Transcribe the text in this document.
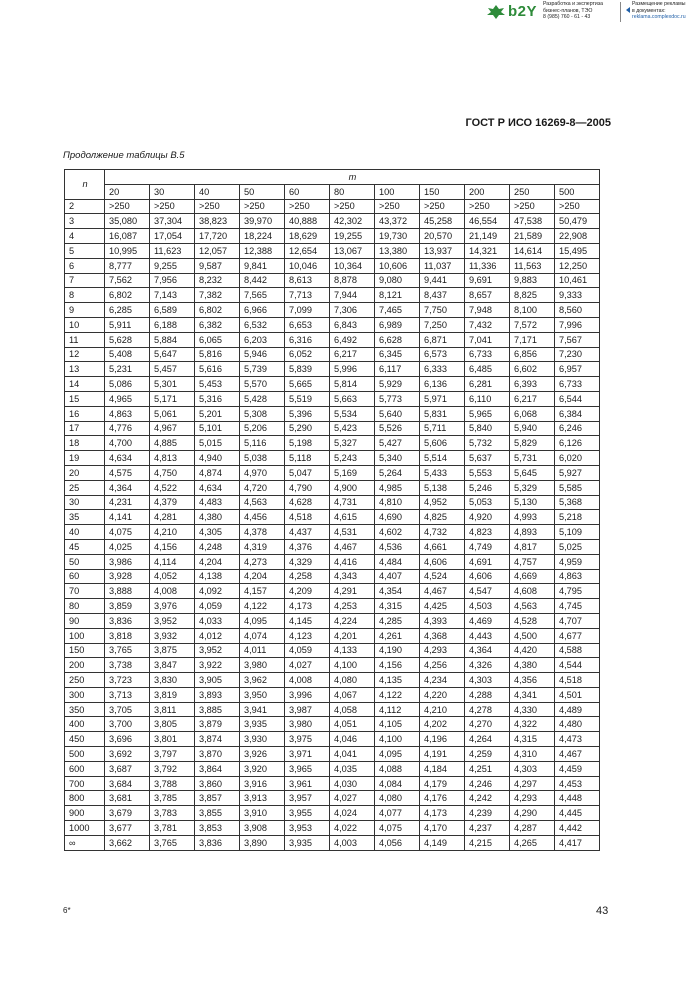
b2Y Разработка и экспертиза
бизнес-планов, ТЭО
8 (985) 760 - 61 - 43
Размещение рекламы
в документах:
reklama.complexdoc.ru
ГОСТ Р ИСО 16269-8—2005
Продолжение таблицы В.5
n	m										
	20	30	40	50	60	80	100	150	200	250	500
2	>250	>250	>250	>250	>250	>250	>250	>250	>250	>250	>250
3	35,080	37,304	38,823	39,970	40,888	42,302	43,372	45,258	46,554	47,538	50,479
4	16,087	17,054	17,720	18,224	18,629	19,255	19,730	20,570	21,149	21,589	22,908
5	10,995	11,623	12,057	12,388	12,654	13,067	13,380	13,937	14,321	14,614	15,495
6	8,777	9,255	9,587	9,841	10,046	10,364	10,606	11,037	11,336	11,563	12,250
7	7,562	7,956	8,232	8,442	8,613	8,878	9,080	9,441	9,691	9,883	10,461
8	6,802	7,143	7,382	7,565	7,713	7,944	8,121	8,437	8,657	8,825	9,333
9	6,285	6,589	6,802	6,966	7,099	7,306	7,465	7,750	7,948	8,100	8,560
10	5,911	6,188	6,382	6,532	6,653	6,843	6,989	7,250	7,432	7,572	7,996
11	5,628	5,884	6,065	6,203	6,316	6,492	6,628	6,871	7,041	7,171	7,567
12	5,408	5,647	5,816	5,946	6,052	6,217	6,345	6,573	6,733	6,856	7,230
13	5,231	5,457	5,616	5,739	5,839	5,996	6,117	6,333	6,485	6,602	6,957
14	5,086	5,301	5,453	5,570	5,665	5,814	5,929	6,136	6,281	6,393	6,733
15	4,965	5,171	5,316	5,428	5,519	5,663	5,773	5,971	6,110	6,217	6,544
16	4,863	5,061	5,201	5,308	5,396	5,534	5,640	5,831	5,965	6,068	6,384
17	4,776	4,967	5,101	5,206	5,290	5,423	5,526	5,711	5,840	5,940	6,246
18	4,700	4,885	5,015	5,116	5,198	5,327	5,427	5,606	5,732	5,829	6,126
19	4,634	4,813	4,940	5,038	5,118	5,243	5,340	5,514	5,637	5,731	6,020
20	4,575	4,750	4,874	4,970	5,047	5,169	5,264	5,433	5,553	5,645	5,927
25	4,364	4,522	4,634	4,720	4,790	4,900	4,985	5,138	5,246	5,329	5,585
30	4,231	4,379	4,483	4,563	4,628	4,731	4,810	4,952	5,053	5,130	5,368
35	4,141	4,281	4,380	4,456	4,518	4,615	4,690	4,825	4,920	4,993	5,218
40	4,075	4,210	4,305	4,378	4,437	4,531	4,602	4,732	4,823	4,893	5,109
45	4,025	4,156	4,248	4,319	4,376	4,467	4,536	4,661	4,749	4,817	5,025
50	3,986	4,114	4,204	4,273	4,329	4,416	4,484	4,606	4,691	4,757	4,959
60	3,928	4,052	4,138	4,204	4,258	4,343	4,407	4,524	4,606	4,669	4,863
70	3,888	4,008	4,092	4,157	4,209	4,291	4,354	4,467	4,547	4,608	4,795
80	3,859	3,976	4,059	4,122	4,173	4,253	4,315	4,425	4,503	4,563	4,745
90	3,836	3,952	4,033	4,095	4,145	4,224	4,285	4,393	4,469	4,528	4,707
100	3,818	3,932	4,012	4,074	4,123	4,201	4,261	4,368	4,443	4,500	4,677
150	3,765	3,875	3,952	4,011	4,059	4,133	4,190	4,293	4,364	4,420	4,588
200	3,738	3,847	3,922	3,980	4,027	4,100	4,156	4,256	4,326	4,380	4,544
250	3,723	3,830	3,905	3,962	4,008	4,080	4,135	4,234	4,303	4,356	4,518
300	3,713	3,819	3,893	3,950	3,996	4,067	4,122	4,220	4,288	4,341	4,501
350	3,705	3,811	3,885	3,941	3,987	4,058	4,112	4,210	4,278	4,330	4,489
400	3,700	3,805	3,879	3,935	3,980	4,051	4,105	4,202	4,270	4,322	4,480
450	3,696	3,801	3,874	3,930	3,975	4,046	4,100	4,196	4,264	4,315	4,473
500	3,692	3,797	3,870	3,926	3,971	4,041	4,095	4,191	4,259	4,310	4,467
600	3,687	3,792	3,864	3,920	3,965	4,035	4,088	4,184	4,251	4,303	4,459
700	3,684	3,788	3,860	3,916	3,961	4,030	4,084	4,179	4,246	4,297	4,453
800	3,681	3,785	3,857	3,913	3,957	4,027	4,080	4,176	4,242	4,293	4,448
900	3,679	3,783	3,855	3,910	3,955	4,024	4,077	4,173	4,239	4,290	4,445
1000	3,677	3,781	3,853	3,908	3,953	4,022	4,075	4,170	4,237	4,287	4,442
∞	3,662	3,765	3,836	3,890	3,935	4,003	4,056	4,149	4,215	4,265	4,417
6*	43
